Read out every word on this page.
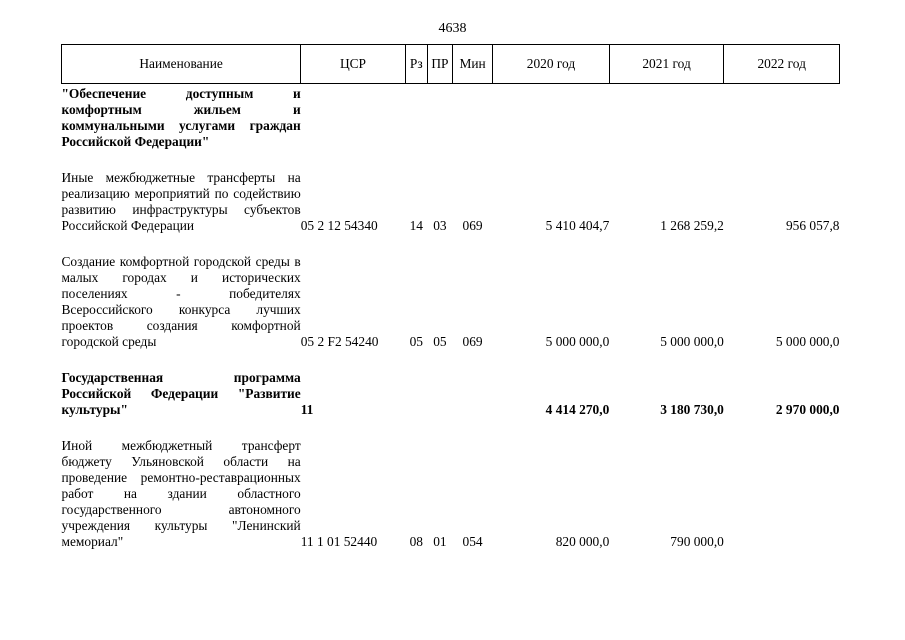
4638
Наименование	ЦСР	Рз	ПР	Мин	2020 год	2021 год	2022 год
"Обеспечение доступным и комфортным жильем и коммунальными услугами граждан Российской Федерации"							

Иные межбюджетные трансферты на реализацию мероприятий по содействию развитию инфраструктуры субъектов Российской Федерации	05 2 12 54340	14	03	069	5 410 404,7	1 268 259,2	956 057,8

Создание комфортной городской среды в малых городах и исторических поселениях - победителях Всероссийского конкурса лучших проектов создания комфортной городской среды	05 2 F2 54240	05	05	069	5 000 000,0	5 000 000,0	5 000 000,0

Государственная программа Российской Федерации "Развитие культуры"	11				4 414 270,0	3 180 730,0	2 970 000,0

Иной межбюджетный трансферт бюджету Ульяновской области на проведение ремонтно-реставрационных работ на здании областного государственного автономного учреждения культуры "Ленинский мемориал"	11 1 01 52440	08	01	054	820 000,0	790 000,0	
